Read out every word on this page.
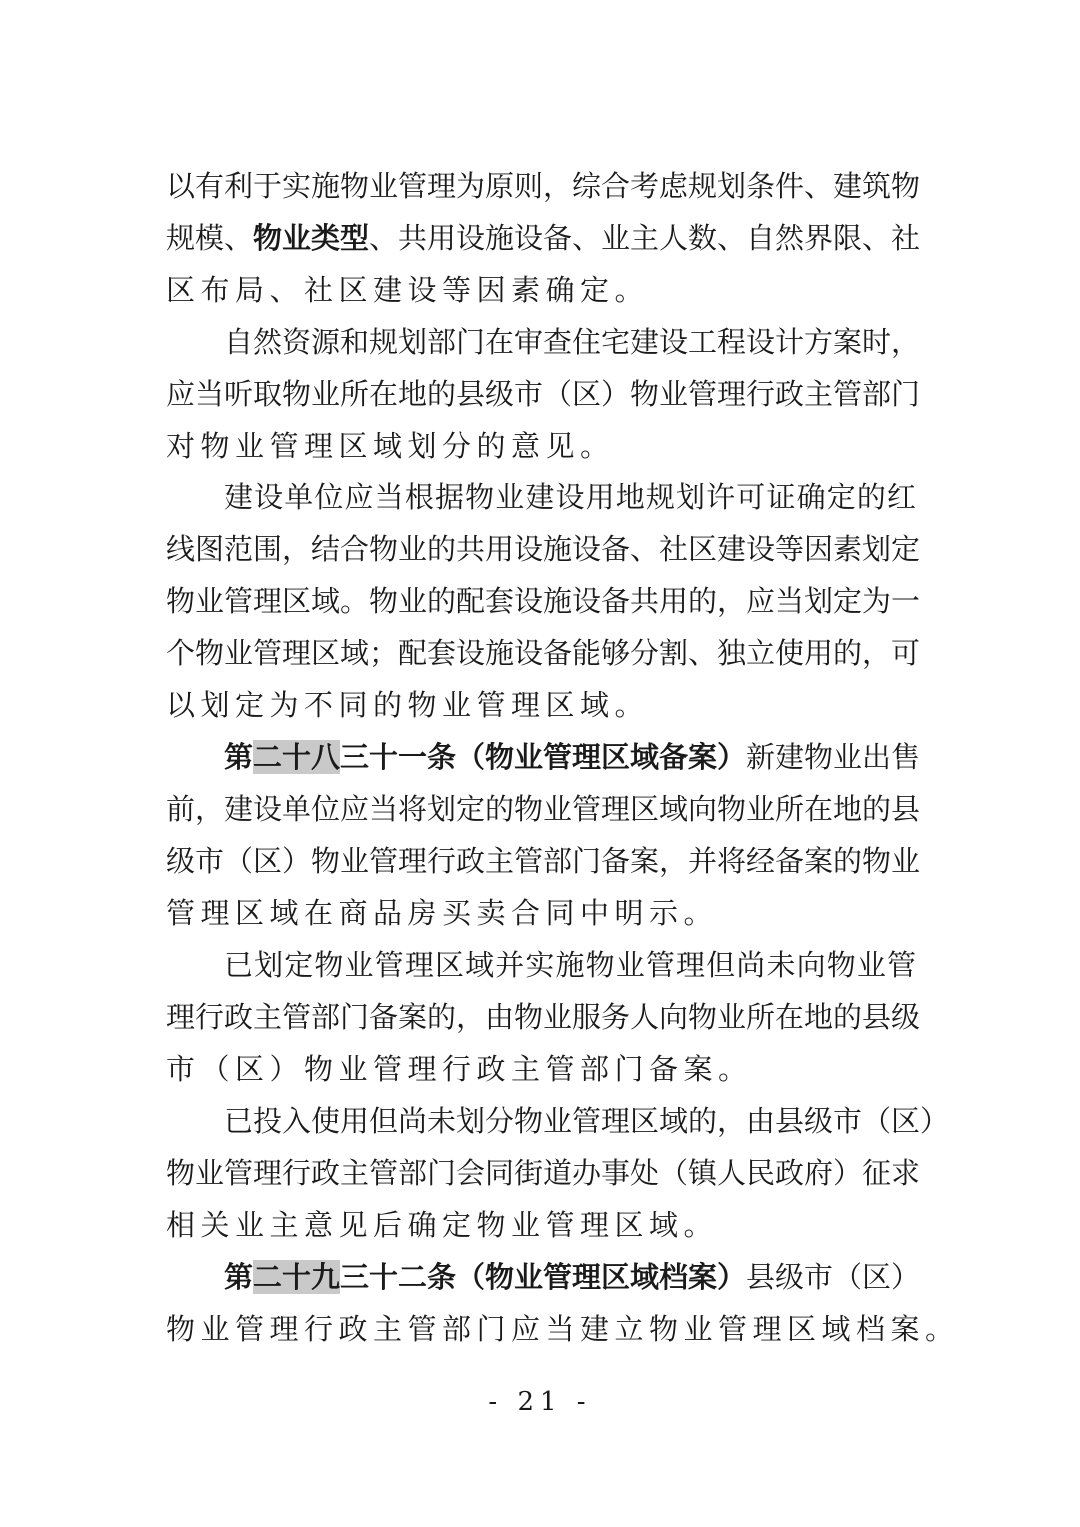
以有利于实施物业管理为原则，综合考虑规划条件、建筑物
规模、物业类型、共用设施设备、业主人数、自然界限、社
区布局、社区建设等因素确定。
自然资源和规划部门在审查住宅建设工程设计方案时，
应当听取物业所在地的县级市（区）物业管理行政主管部门
对物业管理区域划分的意见。
建设单位应当根据物业建设用地规划许可证确定的红
线图范围，结合物业的共用设施设备、社区建设等因素划定
物业管理区域。物业的配套设施设备共用的，应当划定为一
个物业管理区域；配套设施设备能够分割、独立使用的，可
以划定为不同的物业管理区域。
第二十八三十一条（物业管理区域备案）新建物业出售
前，建设单位应当将划定的物业管理区域向物业所在地的县
级市（区）物业管理行政主管部门备案，并将经备案的物业
管理区域在商品房买卖合同中明示。
已划定物业管理区域并实施物业管理但尚未向物业管
理行政主管部门备案的，由物业服务人向物业所在地的县级
市（区）物业管理行政主管部门备案。
已投入使用但尚未划分物业管理区域的，由县级市（区）
物业管理行政主管部门会同街道办事处（镇人民政府）征求
相关业主意见后确定物业管理区域。
第二十九三十二条（物业管理区域档案）县级市（区）
物业管理行政主管部门应当建立物业管理区域档案。
- 21 -
